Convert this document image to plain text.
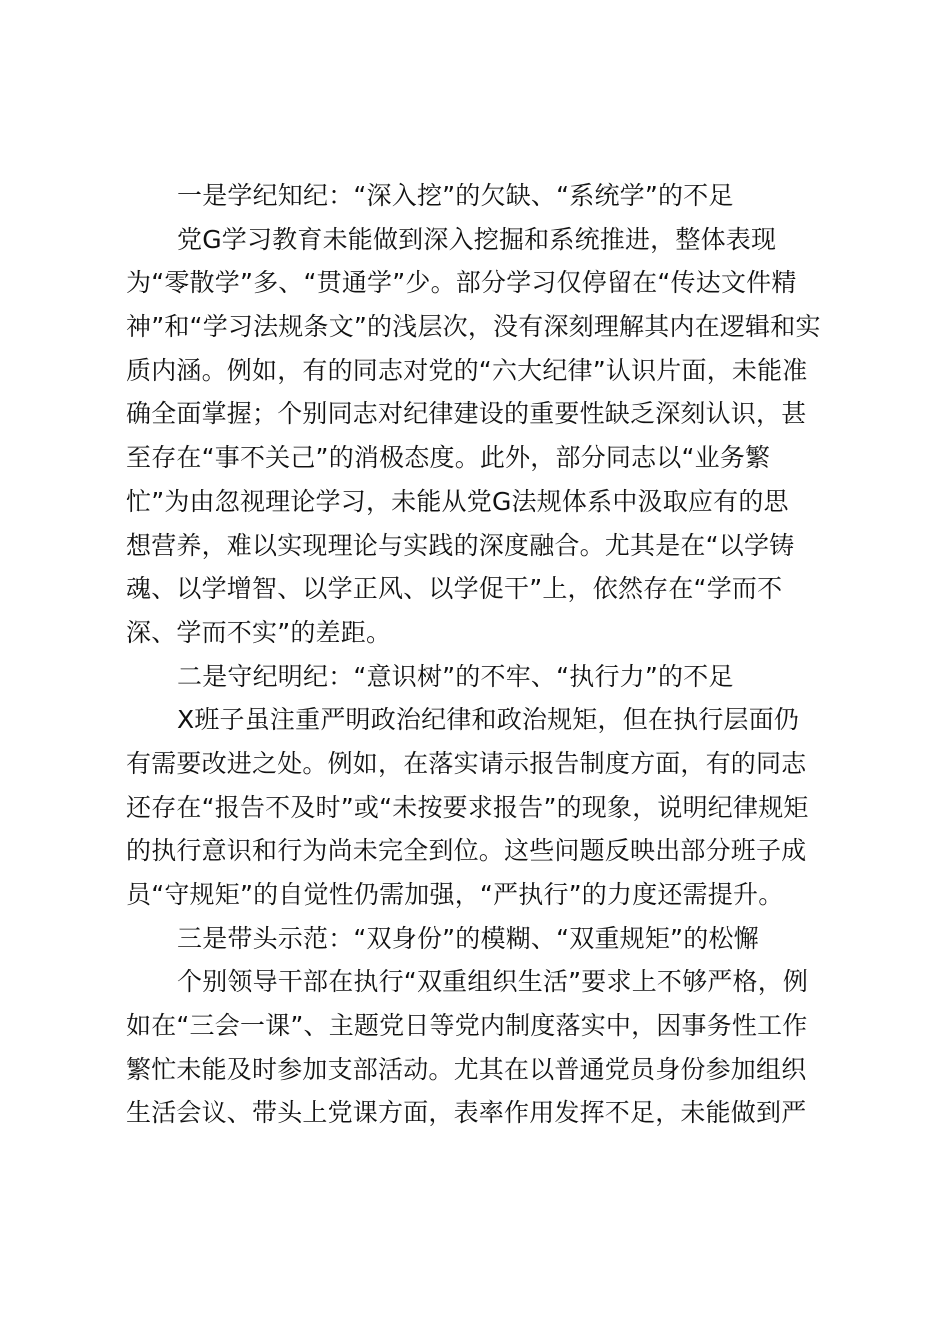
一是学纪知纪：“深入挖”的欠缺、“系统学”的不足
党G学习教育未能做到深入挖掘和系统推进，整体表现
为“零散学”多、“贯通学”少。部分学习仅停留在“传达文件精
神”和“学习法规条文”的浅层次，没有深刻理解其内在逻辑和实
质内涵。例如，有的同志对党的“六大纪律”认识片面，未能准
确全面掌握；个别同志对纪律建设的重要性缺乏深刻认识，甚
至存在“事不关己”的消极态度。此外，部分同志以“业务繁
忙”为由忽视理论学习，未能从党G法规体系中汲取应有的思
想营养，难以实现理论与实践的深度融合。尤其是在“以学铸
魂、以学增智、以学正风、以学促干”上，依然存在“学而不
深、学而不实”的差距。
二是守纪明纪：“意识树”的不牢、“执行力”的不足
X班子虽注重严明政治纪律和政治规矩，但在执行层面仍
有需要改进之处。例如，在落实请示报告制度方面，有的同志
还存在“报告不及时”或“未按要求报告”的现象，说明纪律规矩
的执行意识和行为尚未完全到位。这些问题反映出部分班子成
员“守规矩”的自觉性仍需加强，“严执行”的力度还需提升。
三是带头示范：“双身份”的模糊、“双重规矩”的松懈
个别领导干部在执行“双重组织生活”要求上不够严格，例
如在“三会一课”、主题党日等党内制度落实中，因事务性工作
繁忙未能及时参加支部活动。尤其在以普通党员身份参加组织
生活会议、带头上党课方面，表率作用发挥不足，未能做到严
